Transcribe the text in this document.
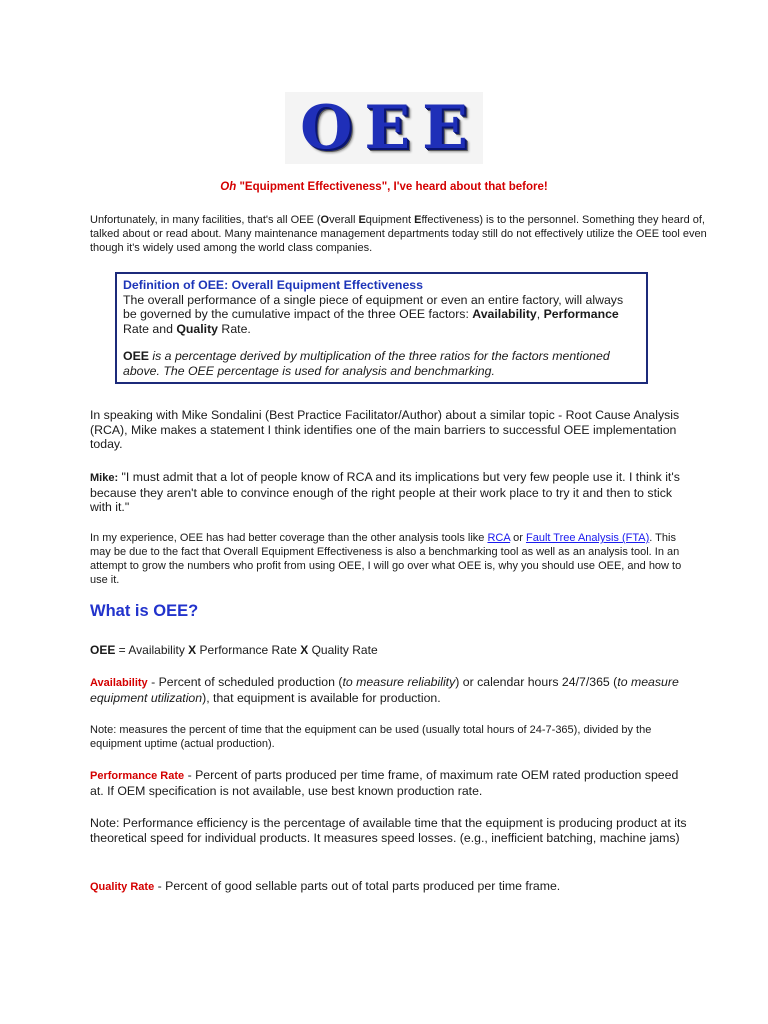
OEE
Oh "Equipment Effectiveness", I've heard about that before!

Unfortunately, in many facilities, that's all OEE (Overall Equipment Effectiveness) is to the personnel. Something they heard of, talked about or read about. Many maintenance management departments today still do not effectively utilize the OEE tool even though it's widely used among the world class companies.

Definition of OEE: Overall Equipment Effectiveness
The overall performance of a single piece of equipment or even an entire factory, will always be governed by the cumulative impact of the three OEE factors: Availability, Performance Rate and Quality Rate.
OEE is a percentage derived by multiplication of the three ratios for the factors mentioned above. The OEE percentage is used for analysis and benchmarking.

In speaking with Mike Sondalini (Best Practice Facilitator/Author) about a similar topic - Root Cause Analysis (RCA), Mike makes a statement I think identifies one of the main barriers to successful OEE implementation today.

Mike: "I must admit that a lot of people know of RCA and its implications but very few people use it. I think it's because they aren't able to convince enough of the right people at their work place to try it and then to stick with it."

In my experience, OEE has had better coverage than the other analysis tools like RCA or Fault Tree Analysis (FTA). This may be due to the fact that Overall Equipment Effectiveness is also a benchmarking tool as well as an analysis tool. In an attempt to grow the numbers who profit from using OEE, I will go over what OEE is, why you should use OEE, and how to use it.

What is OEE?

OEE = Availability X Performance Rate X Quality Rate

Availability - Percent of scheduled production (to measure reliability) or calendar hours 24/7/365 (to measure equipment utilization), that equipment is available for production.

Note: measures the percent of time that the equipment can be used (usually total hours of 24-7-365), divided by the equipment uptime (actual production).

Performance Rate - Percent of parts produced per time frame, of maximum rate OEM rated production speed at. If OEM specification is not available, use best known production rate.

Note: Performance efficiency is the percentage of available time that the equipment is producing product at its theoretical speed for individual products. It measures speed losses. (e.g., inefficient batching, machine jams)

Quality Rate - Percent of good sellable parts out of total parts produced per time frame.
